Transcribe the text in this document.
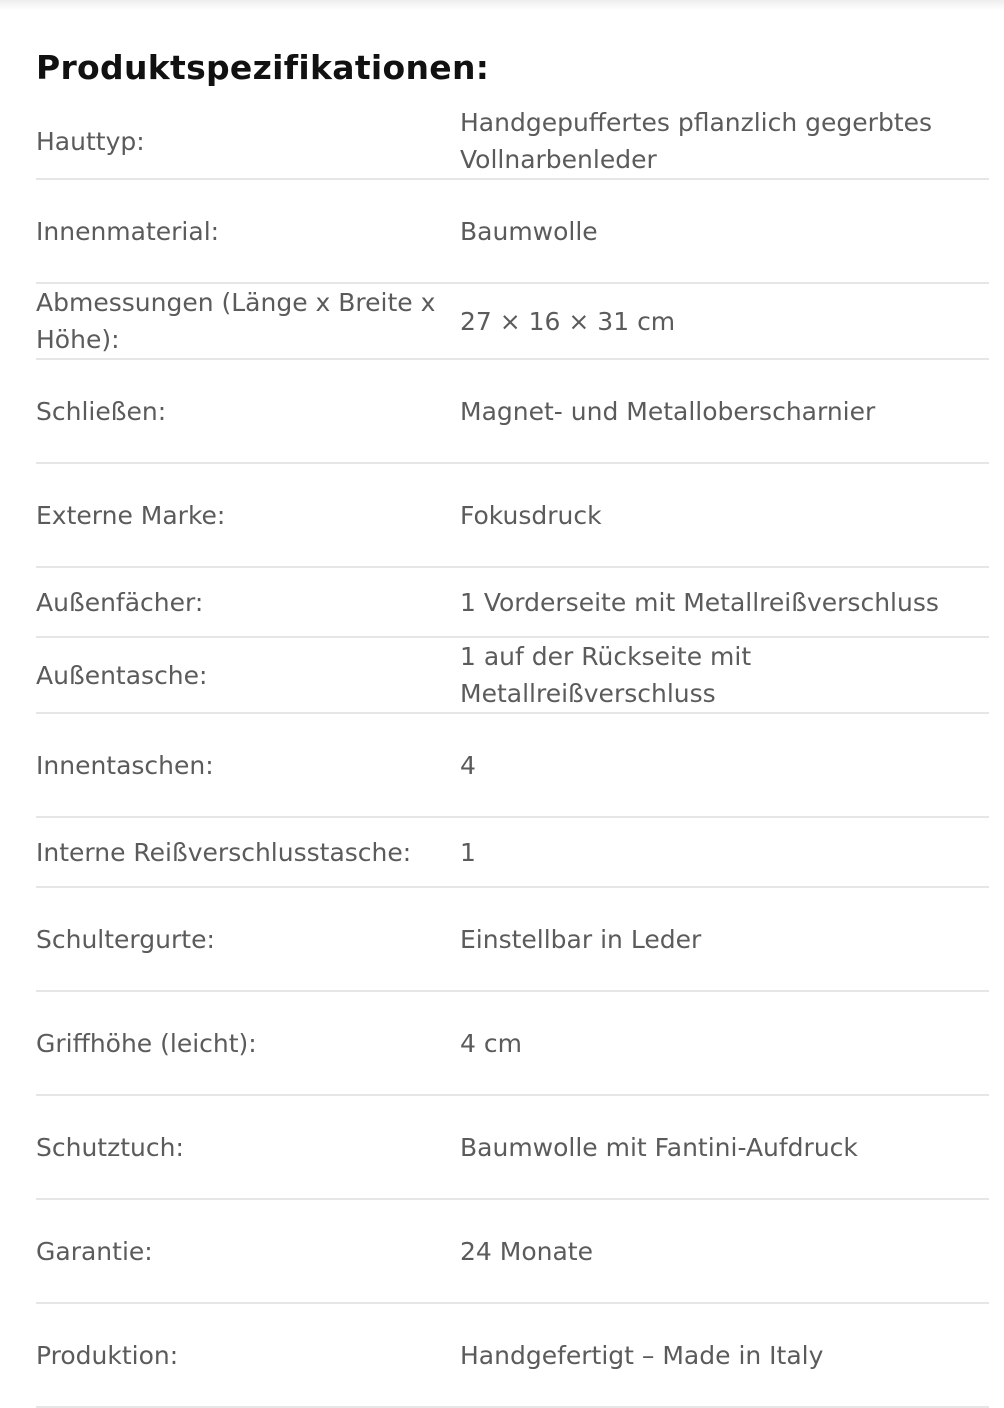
Produktspezifikationen:
Hauttyp:	Handgepuffertes pflanzlich gegerbtes Vollnarbenleder
Innenmaterial:	Baumwolle
Abmessungen (Länge x Breite x Höhe):	27 × 16 × 31 cm
Schließen:	Magnet- und Metalloberscharnier
Externe Marke:	Fokusdruck
Außenfächer:	1 Vorderseite mit Metallreißverschluss
Außentasche:	1 auf der Rückseite mit Metallreißverschluss
Innentaschen:	4
Interne Reißverschlusstasche:	1
Schultergurte:	Einstellbar in Leder
Griffhöhe (leicht):	4 cm
Schutztuch:	Baumwolle mit Fantini-Aufdruck
Garantie:	24 Monate
Produktion:	Handgefertigt – Made in Italy
